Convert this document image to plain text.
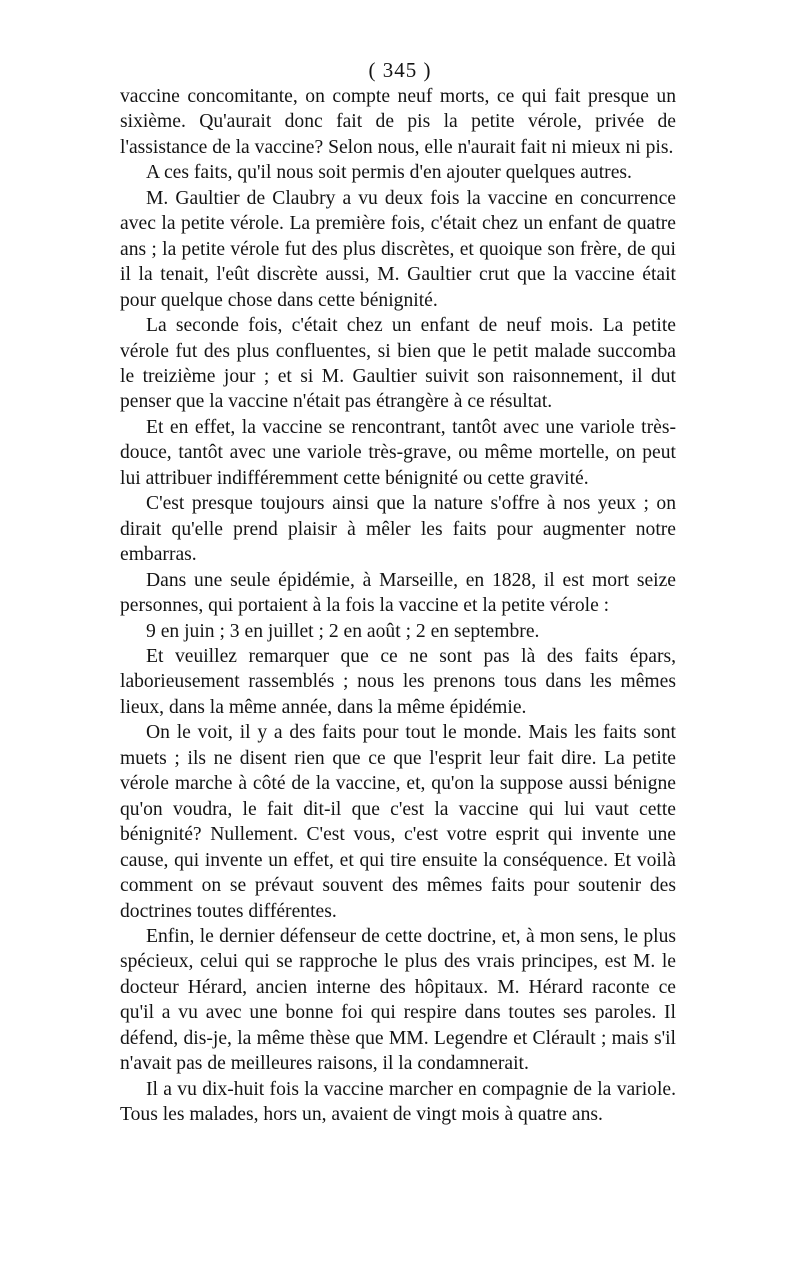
( 345 )

vaccine concomitante, on compte neuf morts, ce qui fait presque un sixième. Qu'aurait donc fait de pis la petite vérole, privée de l'assistance de la vaccine? Selon nous, elle n'aurait fait ni mieux ni pis.

A ces faits, qu'il nous soit permis d'en ajouter quelques autres.

M. Gaultier de Claubry a vu deux fois la vaccine en concurrence avec la petite vérole. La première fois, c'était chez un enfant de quatre ans ; la petite vérole fut des plus discrètes, et quoique son frère, de qui il la tenait, l'eût discrète aussi, M. Gaultier crut que la vaccine était pour quelque chose dans cette bénignité.

La seconde fois, c'était chez un enfant de neuf mois. La petite vérole fut des plus confluentes, si bien que le petit malade succomba le treizième jour ; et si M. Gaultier suivit son raisonnement, il dut penser que la vaccine n'était pas étrangère à ce résultat.

Et en effet, la vaccine se rencontrant, tantôt avec une variole très-douce, tantôt avec une variole très-grave, ou même mortelle, on peut lui attribuer indifféremment cette bénignité ou cette gravité.

C'est presque toujours ainsi que la nature s'offre à nos yeux ; on dirait qu'elle prend plaisir à mêler les faits pour augmenter notre embarras.

Dans une seule épidémie, à Marseille, en 1828, il est mort seize personnes, qui portaient à la fois la vaccine et la petite vérole :

9 en juin ; 3 en juillet ; 2 en août ; 2 en septembre.

Et veuillez remarquer que ce ne sont pas là des faits épars, laborieusement rassemblés ; nous les prenons tous dans les mêmes lieux, dans la même année, dans la même épidémie.

On le voit, il y a des faits pour tout le monde. Mais les faits sont muets ; ils ne disent rien que ce que l'esprit leur fait dire. La petite vérole marche à côté de la vaccine, et, qu'on la suppose aussi bénigne qu'on voudra, le fait dit-il que c'est la vaccine qui lui vaut cette bénignité? Nullement. C'est vous, c'est votre esprit qui invente une cause, qui invente un effet, et qui tire ensuite la conséquence. Et voilà comment on se prévaut souvent des mêmes faits pour soutenir des doctrines toutes différentes.

Enfin, le dernier défenseur de cette doctrine, et, à mon sens, le plus spécieux, celui qui se rapproche le plus des vrais principes, est M. le docteur Hérard, ancien interne des hôpitaux. M. Hérard raconte ce qu'il a vu avec une bonne foi qui respire dans toutes ses paroles. Il défend, dis-je, la même thèse que MM. Legendre et Clérault ; mais s'il n'avait pas de meilleures raisons, il la condamnerait.

Il a vu dix-huit fois la vaccine marcher en compagnie de la variole. Tous les malades, hors un, avaient de vingt mois à quatre ans.
